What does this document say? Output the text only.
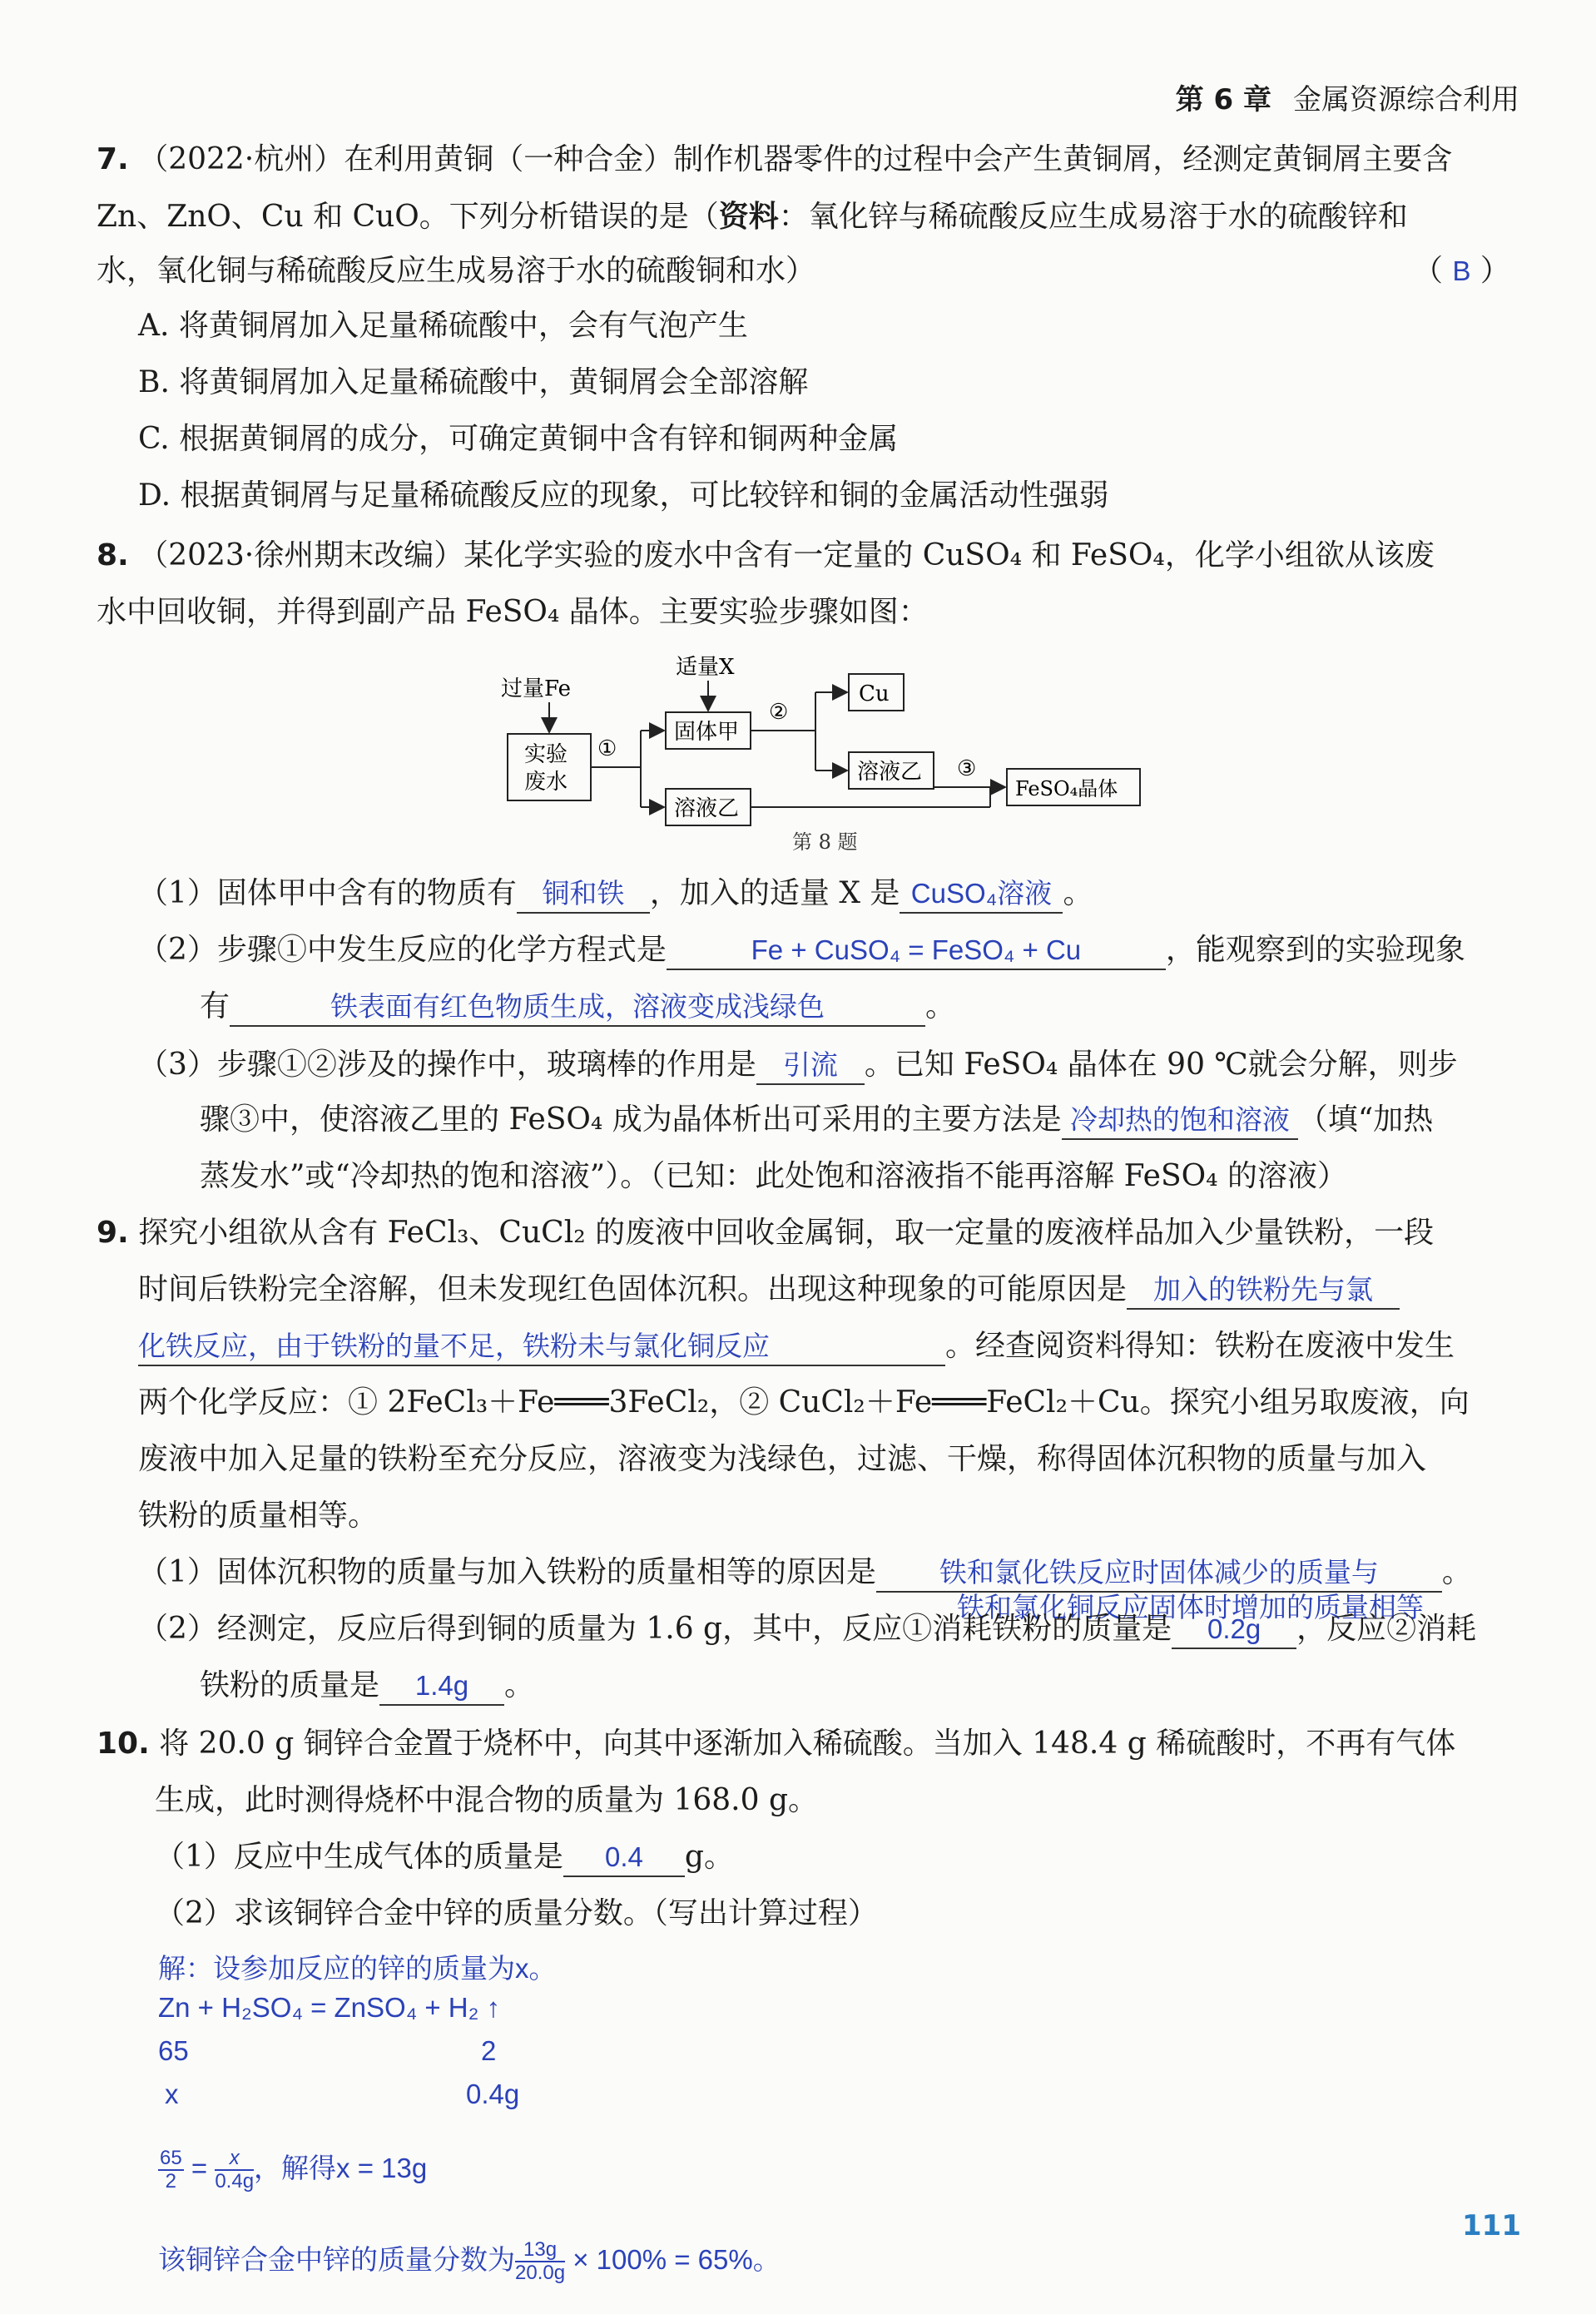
第 6 章 金属资源综合利用
7. （2022·杭州）在利用黄铜（一种合金）制作机器零件的过程中会产生黄铜屑，经测定黄铜屑主要含
Zn、ZnO、Cu 和 CuO。下列分析错误的是（资料：氧化锌与稀硫酸反应生成易溶于水的硫酸锌和
水，氧化铜与稀硫酸反应生成易溶于水的硫酸铜和水）	（ B ）
A. 将黄铜屑加入足量稀硫酸中，会有气泡产生
B. 将黄铜屑加入足量稀硫酸中，黄铜屑会全部溶解
C. 根据黄铜屑的成分，可确定黄铜中含有锌和铜两种金属
D. 根据黄铜屑与足量稀硫酸反应的现象，可比较锌和铜的金属活动性强弱
8. （2023·徐州期末改编）某化学实验的废水中含有一定量的 CuSO₄ 和 FeSO₄，化学小组欲从该废
水中回收铜，并得到副产品 FeSO₄ 晶体。主要实验步骤如图：
过量Fe
实验
废水
①
固体甲
适量X
溶液乙
②
Cu
溶液乙 ③
FeSO₄晶体
第 8 题
（1）固体甲中含有的物质有 铜和铁 ，加入的适量 X 是 CuSO₄溶液 。
（2）步骤①中发生反应的化学方程式是	Fe + CuSO₄ = FeSO₄ + Cu	，能观察到的实验现象
有	铁表面有红色物质生成，溶液变成浅绿色	。
（3）步骤①②涉及的操作中，玻璃棒的作用是 引流 。已知 FeSO₄ 晶体在 90 ℃就会分解，则步
骤③中，使溶液乙里的 FeSO₄ 成为晶体析出可采用的主要方法是 冷却热的饱和溶液 （填“加热
蒸发水”或“冷却热的饱和溶液”）。（已知：此处饱和溶液指不能再溶解 FeSO₄ 的溶液）
9. 探究小组欲从含有 FeCl₃、CuCl₂ 的废液中回收金属铜，取一定量的废液样品加入少量铁粉，一段
时间后铁粉完全溶解，但未发现红色固体沉积。出现这种现象的可能原因是 加入的铁粉先与氯
化铁反应，由于铁粉的量不足，铁粉未与氯化铜反应	。经查阅资料得知：铁粉在废液中发生
两个化学反应：① 2FeCl₃＋Fe═══3FeCl₂，② CuCl₂＋Fe═══FeCl₂＋Cu。探究小组另取废液，向
废液中加入足量的铁粉至充分反应，溶液变为浅绿色，过滤、干燥，称得固体沉积物的质量与加入
铁粉的质量相等。
（1）固体沉积物的质量与加入铁粉的质量相等的原因是	铁和氯化铁反应时固体减少的质量与	。
铁和氯化铜反应固体时增加的质量相等
（2）经测定，反应后得到铜的质量为 1.6 g，其中，反应①消耗铁粉的质量是	0.2g	，反应②消耗
铁粉的质量是	1.4g	。
10. 将 20.0 g 铜锌合金置于烧杯中，向其中逐渐加入稀硫酸。当加入 148.4 g 稀硫酸时，不再有气体
生成，此时测得烧杯中混合物的质量为 168.0 g。
（1）反应中生成气体的质量是	0.4	g。
（2）求该铜锌合金中锌的质量分数。（写出计算过程）
解：设参加反应的锌的质量为x。
Zn + H₂SO₄ = ZnSO₄ + H₂ ↑
65	2
x	0.4g
$\frac{65}{2} = \frac{x}{0.4g}$ ，解得x = 13g
该铜锌合金中锌的质量分数为 $\frac{13g}{20.0g} \times 100\% = 65\%$。
111
